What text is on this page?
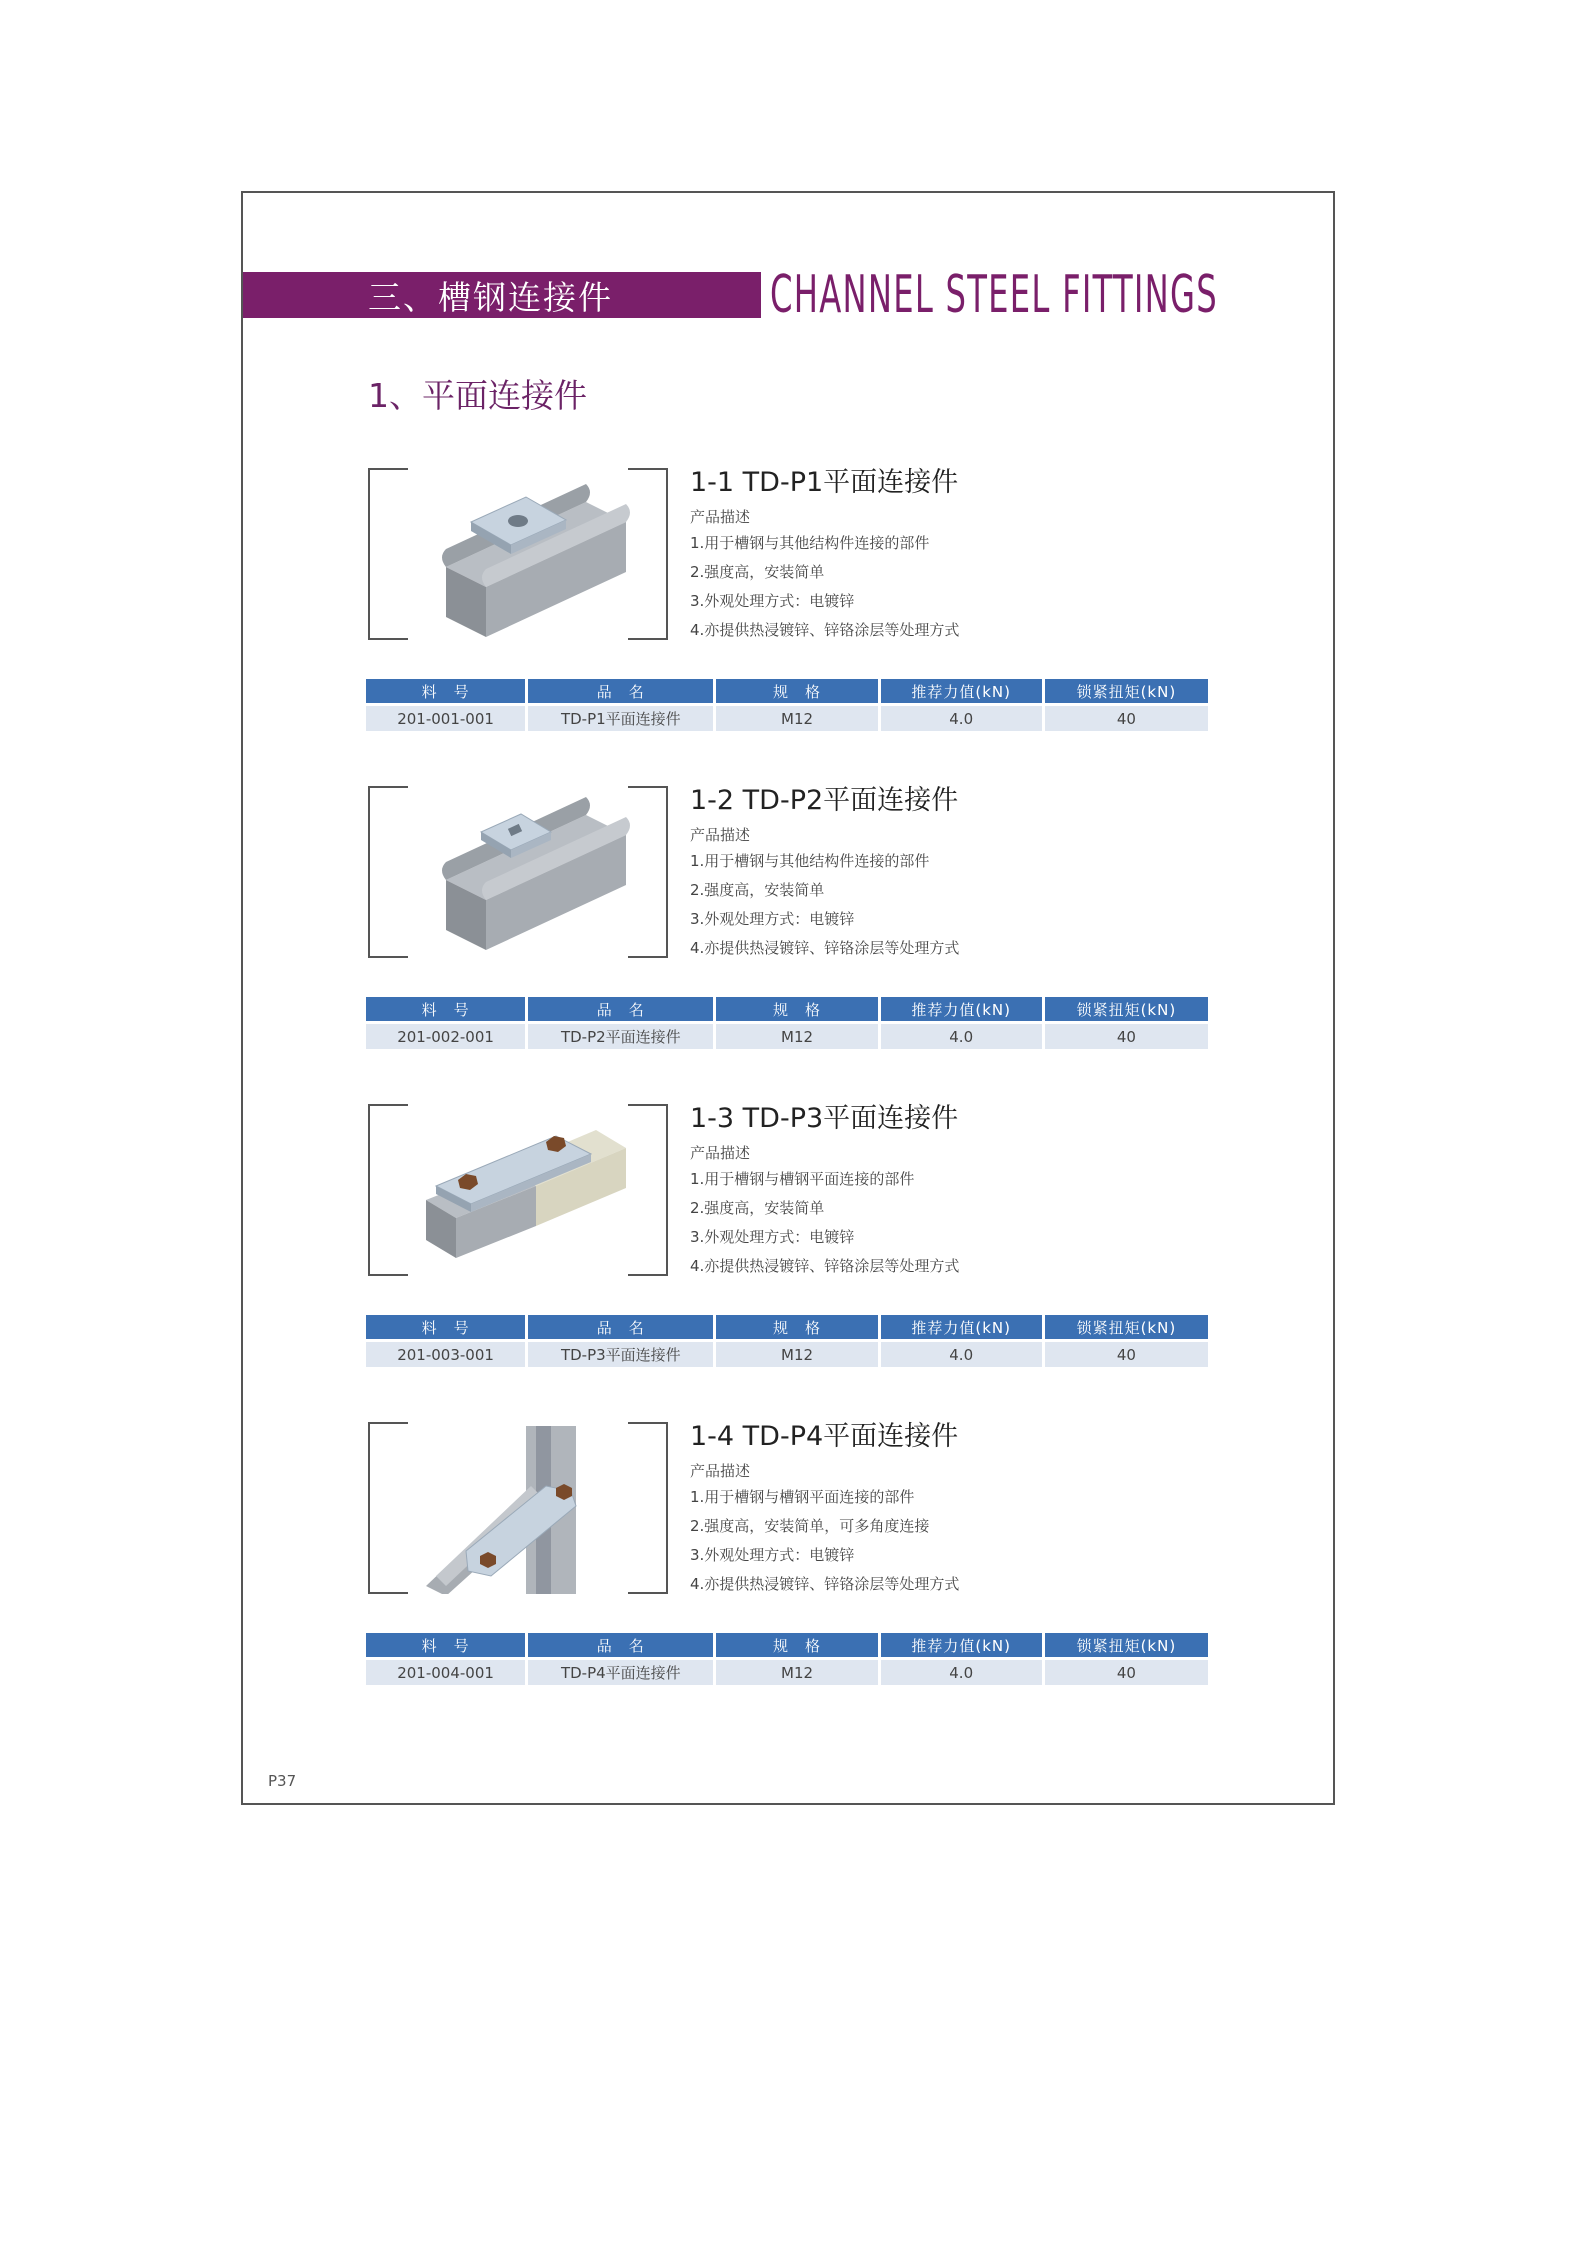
三、槽钢连接件	CHANNEL STEEL FITTINGS
1、平面连接件
1-1 TD-P1平面连接件
产品描述
1.用于槽钢与其他结构件连接的部件
2.强度高，安装简单
3.外观处理方式：电镀锌
4.亦提供热浸镀锌、锌铬涂层等处理方式
料　号	品　名	规　格	推荐力值(kN)	锁紧扭矩(kN)
201-001-001	TD-P1平面连接件	M12	4.0	40
1-2 TD-P2平面连接件
产品描述
1.用于槽钢与其他结构件连接的部件
2.强度高，安装简单
3.外观处理方式：电镀锌
4.亦提供热浸镀锌、锌铬涂层等处理方式
料　号	品　名	规　格	推荐力值(kN)	锁紧扭矩(kN)
201-002-001	TD-P2平面连接件	M12	4.0	40
1-3 TD-P3平面连接件
产品描述
1.用于槽钢与槽钢平面连接的部件
2.强度高，安装简单
3.外观处理方式：电镀锌
4.亦提供热浸镀锌、锌铬涂层等处理方式
料　号	品　名	规　格	推荐力值(kN)	锁紧扭矩(kN)
201-003-001	TD-P3平面连接件	M12	4.0	40
1-4 TD-P4平面连接件
产品描述
1.用于槽钢与槽钢平面连接的部件
2.强度高，安装简单，可多角度连接
3.外观处理方式：电镀锌
4.亦提供热浸镀锌、锌铬涂层等处理方式
料　号	品　名	规　格	推荐力值(kN)	锁紧扭矩(kN)
201-004-001	TD-P4平面连接件	M12	4.0	40
P37
